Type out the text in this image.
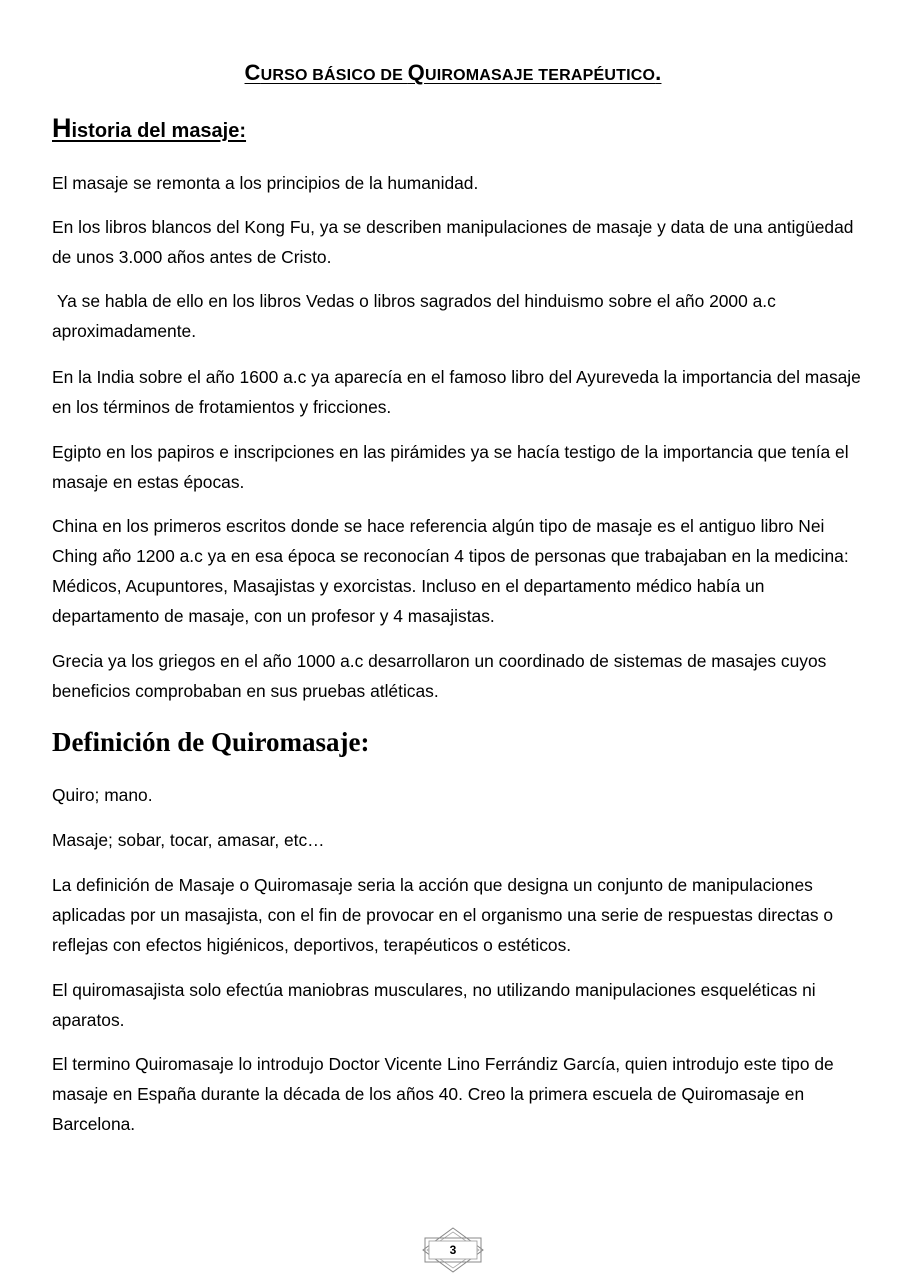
CURSO BÁSICO DE QUIROMASAJE TERAPÉUTICO.
Historia del masaje:

El masaje se remonta a los principios de la humanidad.

En los libros blancos del Kong Fu, ya se describen manipulaciones de masaje y data de una antigüedad de unos 3.000 años antes de Cristo.

Ya se habla de ello en los libros Vedas o libros sagrados del hinduismo sobre el año 2000 a.c aproximadamente.

En la India sobre el año 1600 a.c ya aparecía en el famoso libro del Ayureveda la importancia del masaje en los términos de frotamientos y fricciones.

Egipto en los papiros e inscripciones en las pirámides ya se hacía testigo de la importancia que tenía el masaje en estas épocas.

China en los primeros escritos donde se hace referencia algún tipo de masaje es el antiguo libro Nei Ching año 1200 a.c ya en esa época se reconocían 4 tipos de personas que trabajaban en la medicina: Médicos, Acupuntores, Masajistas y exorcistas. Incluso en el departamento médico había un departamento de masaje, con un profesor y 4 masajistas.

Grecia ya los griegos en el año 1000 a.c desarrollaron un coordinado de sistemas de masajes cuyos beneficios comprobaban en sus pruebas atléticas.

Definición de Quiromasaje:

Quiro; mano.

Masaje; sobar, tocar, amasar, etc…

La definición de Masaje o Quiromasaje seria la acción que designa un conjunto de manipulaciones aplicadas por un masajista, con el fin de provocar en el organismo una serie de respuestas directas o reflejas con efectos higiénicos, deportivos, terapéuticos o estéticos.

El quiromasajista solo efectúa maniobras musculares, no utilizando manipulaciones esqueléticas ni aparatos.

El termino Quiromasaje lo introdujo Doctor Vicente Lino Ferrándiz García, quien introdujo este tipo de masaje en España durante la década de los años 40. Creo la primera escuela de Quiromasaje en Barcelona.

3
